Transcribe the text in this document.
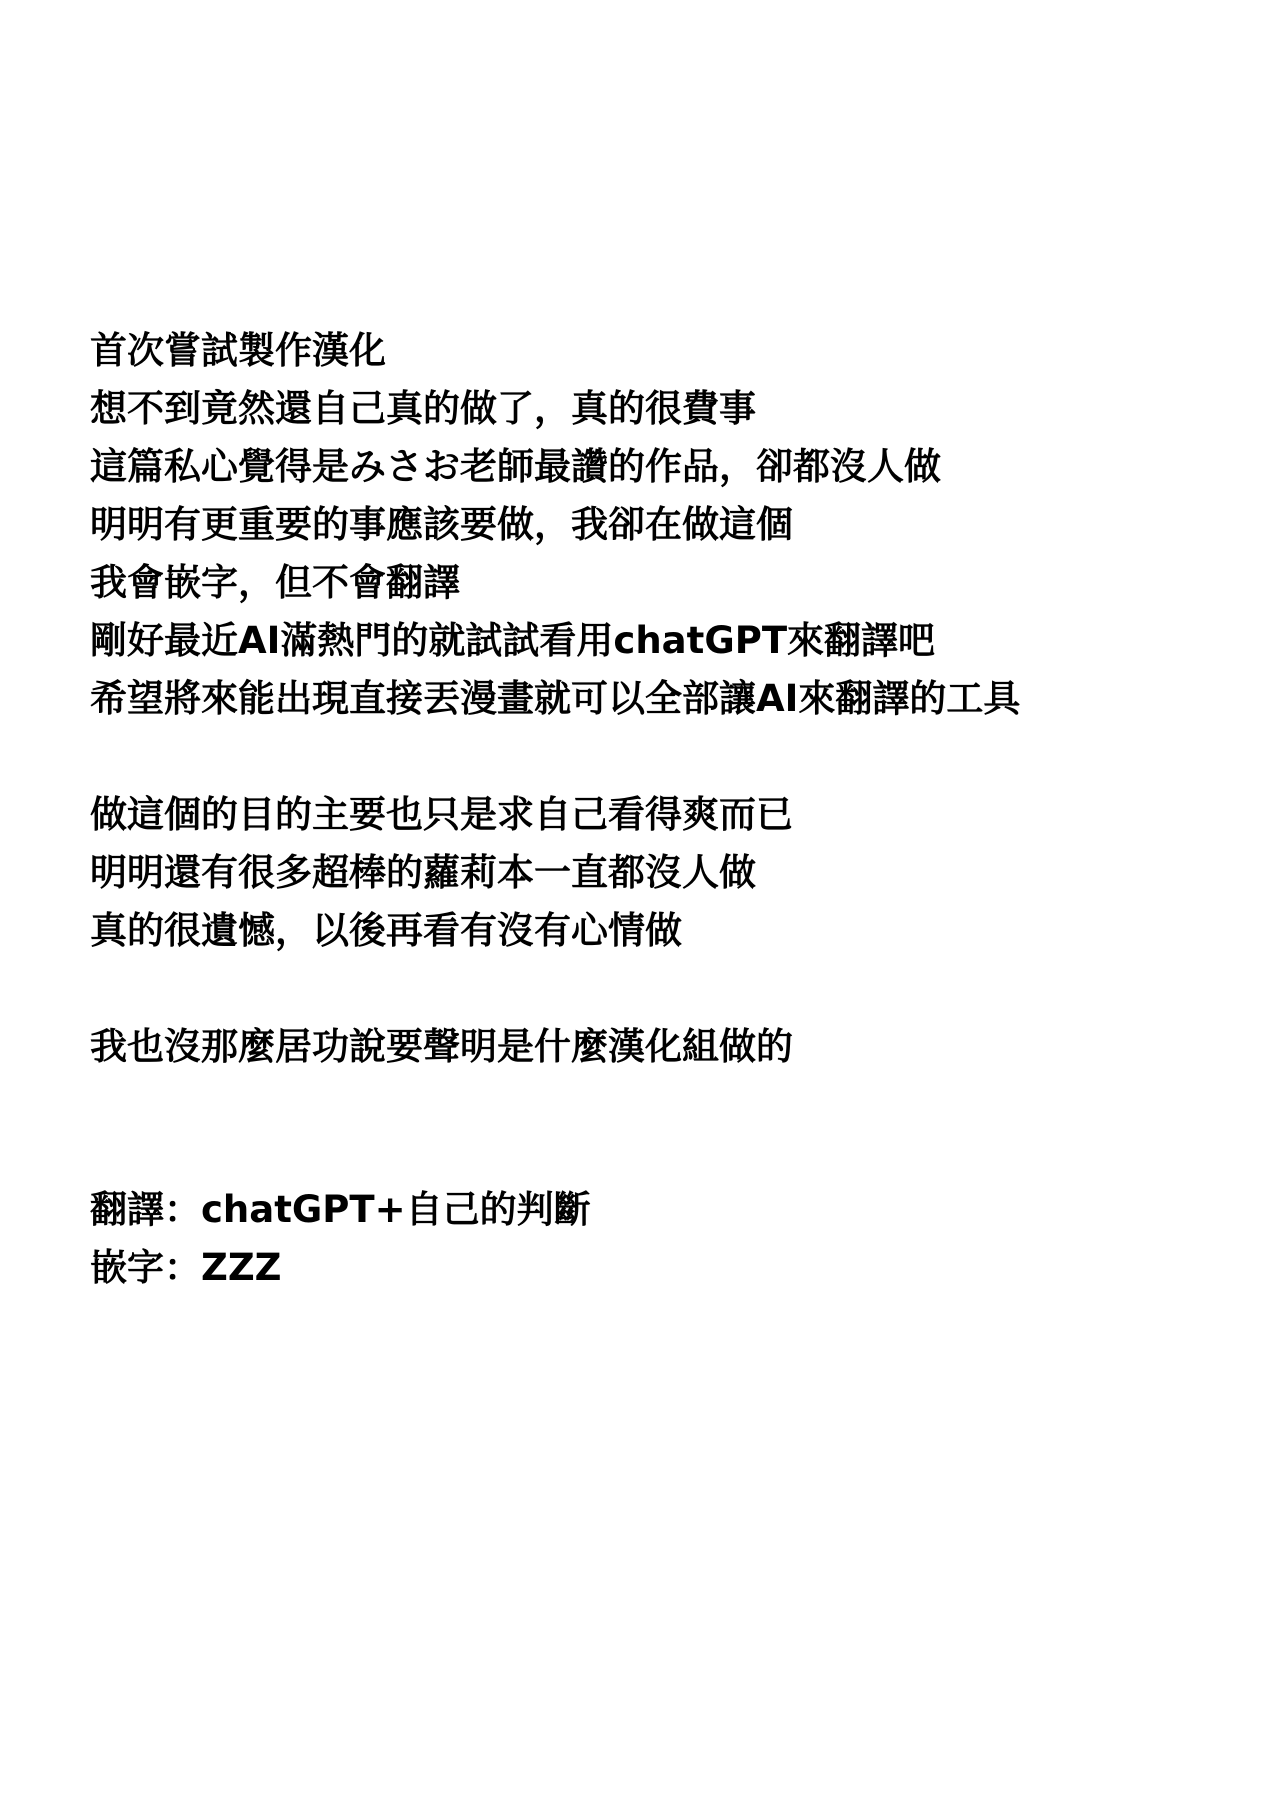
首次嘗試製作漢化
想不到竟然還自己真的做了，真的很費事
這篇私心覺得是みさお老師最讚的作品，卻都沒人做
明明有更重要的事應該要做，我卻在做這個
我會嵌字，但不會翻譯
剛好最近AI滿熱門的就試試看用chatGPT來翻譯吧
希望將來能出現直接丟漫畫就可以全部讓AI來翻譯的工具
做這個的目的主要也只是求自己看得爽而已
明明還有很多超棒的蘿莉本一直都沒人做
真的很遺憾，以後再看有沒有心情做
我也沒那麼居功說要聲明是什麼漢化組做的
翻譯：chatGPT+自己的判斷
嵌字：ZZZ
